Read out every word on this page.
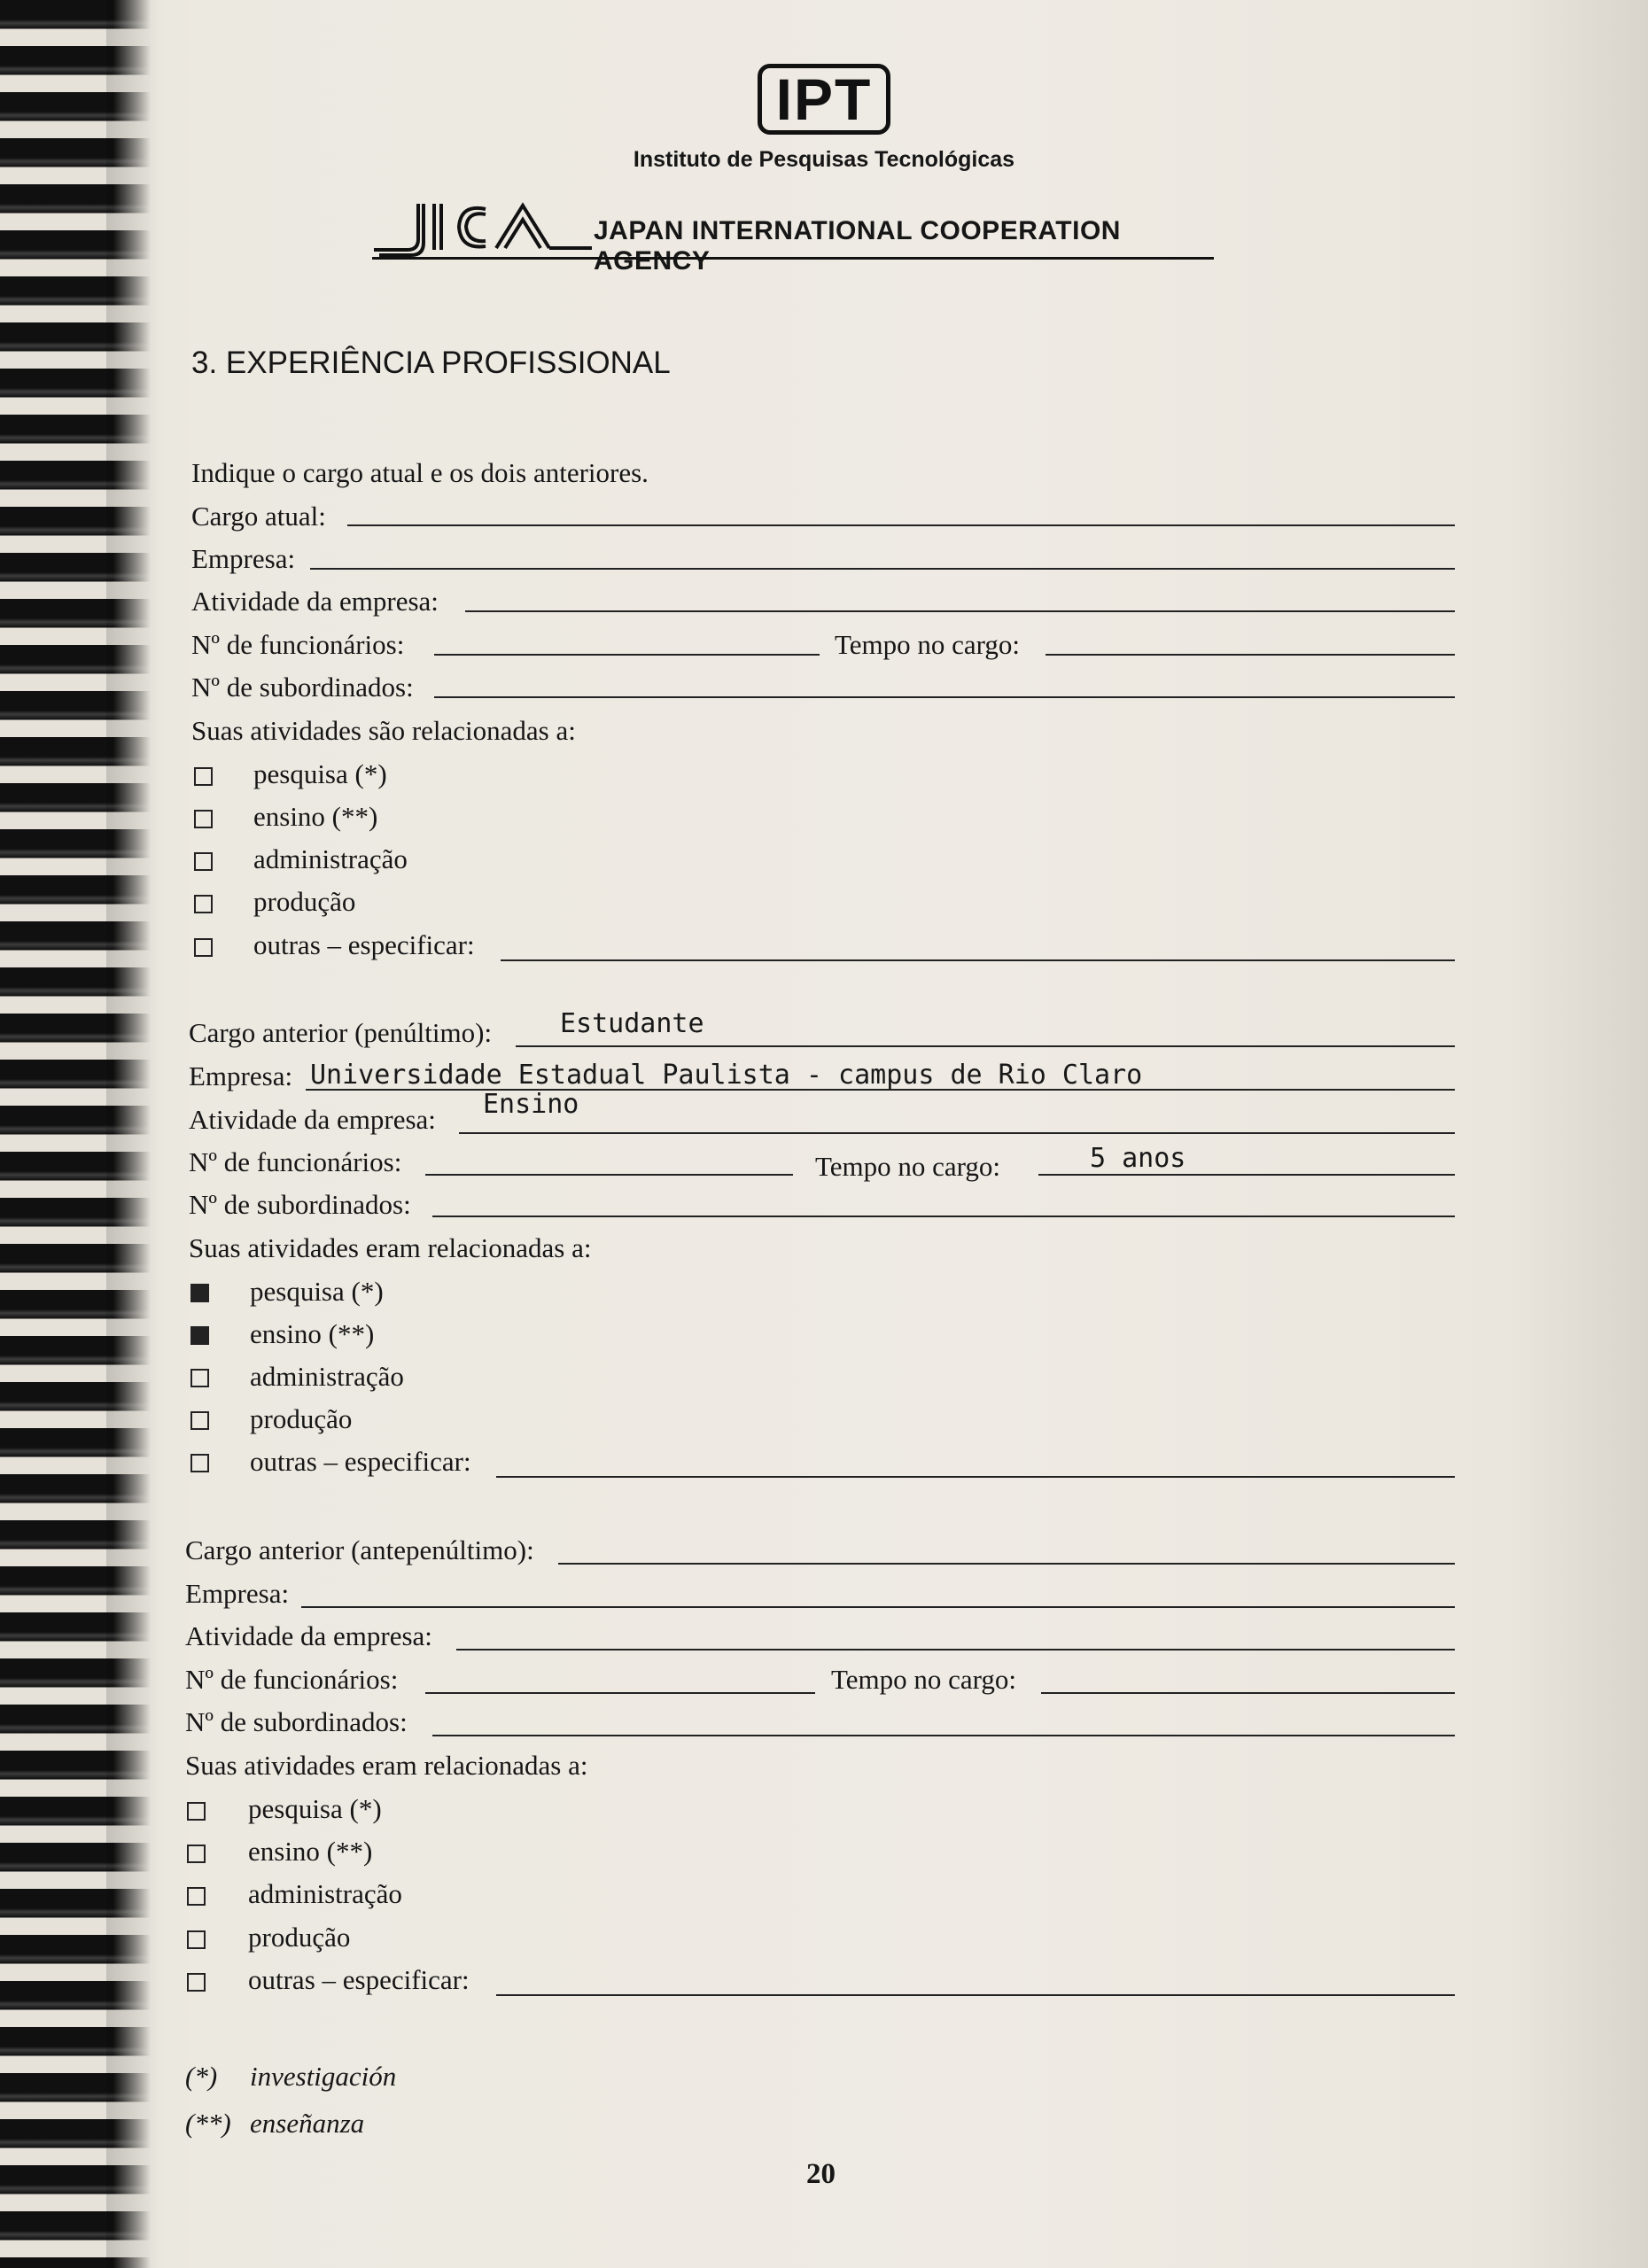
IPT
Instituto de Pesquisas Tecnológicas
JAPAN INTERNATIONAL COOPERATION AGENCY
3. EXPERIÊNCIA PROFISSIONAL
Indique o cargo atual e os dois anteriores.
Cargo atual:
Empresa:
Atividade da empresa:
Nº de funcionários:	Tempo no cargo:
Nº de subordinados:
Suas atividades são relacionadas a:
pesquisa (*)
ensino (**)
administração
produção
outras – especificar:
Cargo anterior (penúltimo):	Estudante
Empresa: Universidade Estadual Paulista - campus de Rio Claro
Atividade da empresa: Ensino
Nº de funcionários:	Tempo no cargo:	5 anos
Nº de subordinados:
Suas atividades eram relacionadas a:
pesquisa (*)
ensino (**)
administração
produção
outras – especificar:
Cargo anterior (antepenúltimo):
Empresa:
Atividade da empresa:
Nº de funcionários:	Tempo no cargo:
Nº de subordinados:
Suas atividades eram relacionadas a:
pesquisa (*)
ensino (**)
administração
produção
outras – especificar:
(*) investigación
(**) enseñanza
20
